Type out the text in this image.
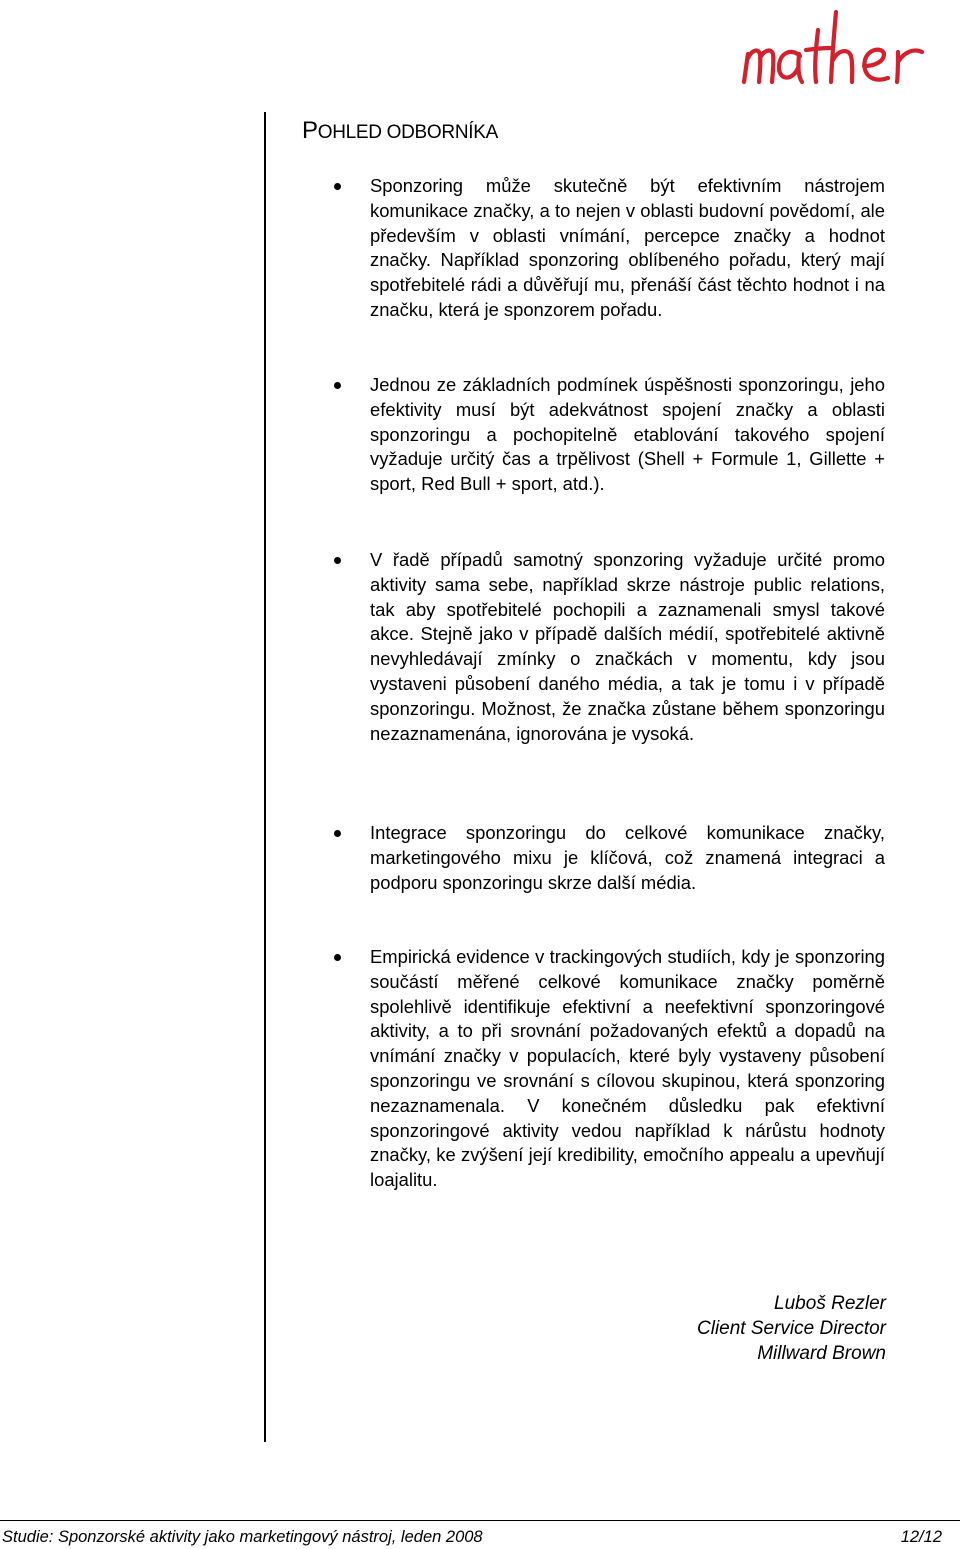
mather
POHLED ODBORNÍKA
Sponzoring může skutečně být efektivním nástrojem komunikace značky, a to nejen v oblasti budovní povědomí, ale především v oblasti vnímání, percepce značky a hodnot značky. Například sponzoring oblíbeného pořadu, který mají spotřebitelé rádi a důvěřují mu, přenáší část těchto hodnot i na značku, která je sponzorem pořadu.
Jednou ze základních podmínek úspěšnosti sponzoringu, jeho efektivity musí být adekvátnost spojení značky a oblasti sponzoringu a pochopitelně etablování takového spojení vyžaduje určitý čas a trpělivost (Shell + Formule 1, Gillette + sport, Red Bull + sport, atd.).
V řadě případů samotný sponzoring vyžaduje určité promo aktivity sama sebe, například skrze nástroje public relations, tak aby spotřebitelé pochopili a zaznamenali smysl takové akce. Stejně jako v případě dalších médií, spotřebitelé aktivně nevyhledávají zmínky o značkách v momentu, kdy jsou vystaveni působení daného média, a tak je tomu i v případě sponzoringu. Možnost, že značka zůstane během sponzoringu nezaznamenána, ignorována je vysoká.
Integrace sponzoringu do celkové komunikace značky, marketingového mixu je klíčová, což znamená integraci a podporu sponzoringu skrze další média.
Empirická evidence v trackingových studiích, kdy je sponzoring součástí měřené celkové komunikace značky poměrně spolehlivě identifikuje efektivní a neefektivní sponzoringové aktivity, a to při srovnání požadovaných efektů a dopadů na vnímání značky v populacích, které byly vystaveny působení sponzoringu ve srovnání s cílovou skupinou, která sponzoring nezaznamenala. V konečném důsledku pak efektivní sponzoringové aktivity vedou například k nárůstu hodnoty značky, ke zvýšení její kredibility, emočního appealu a upevňují loajalitu.
Luboš Rezler
Client Service Director
Millward Brown
Studie: Sponzorské aktivity jako marketingový nástroj, leden 2008	12/12
